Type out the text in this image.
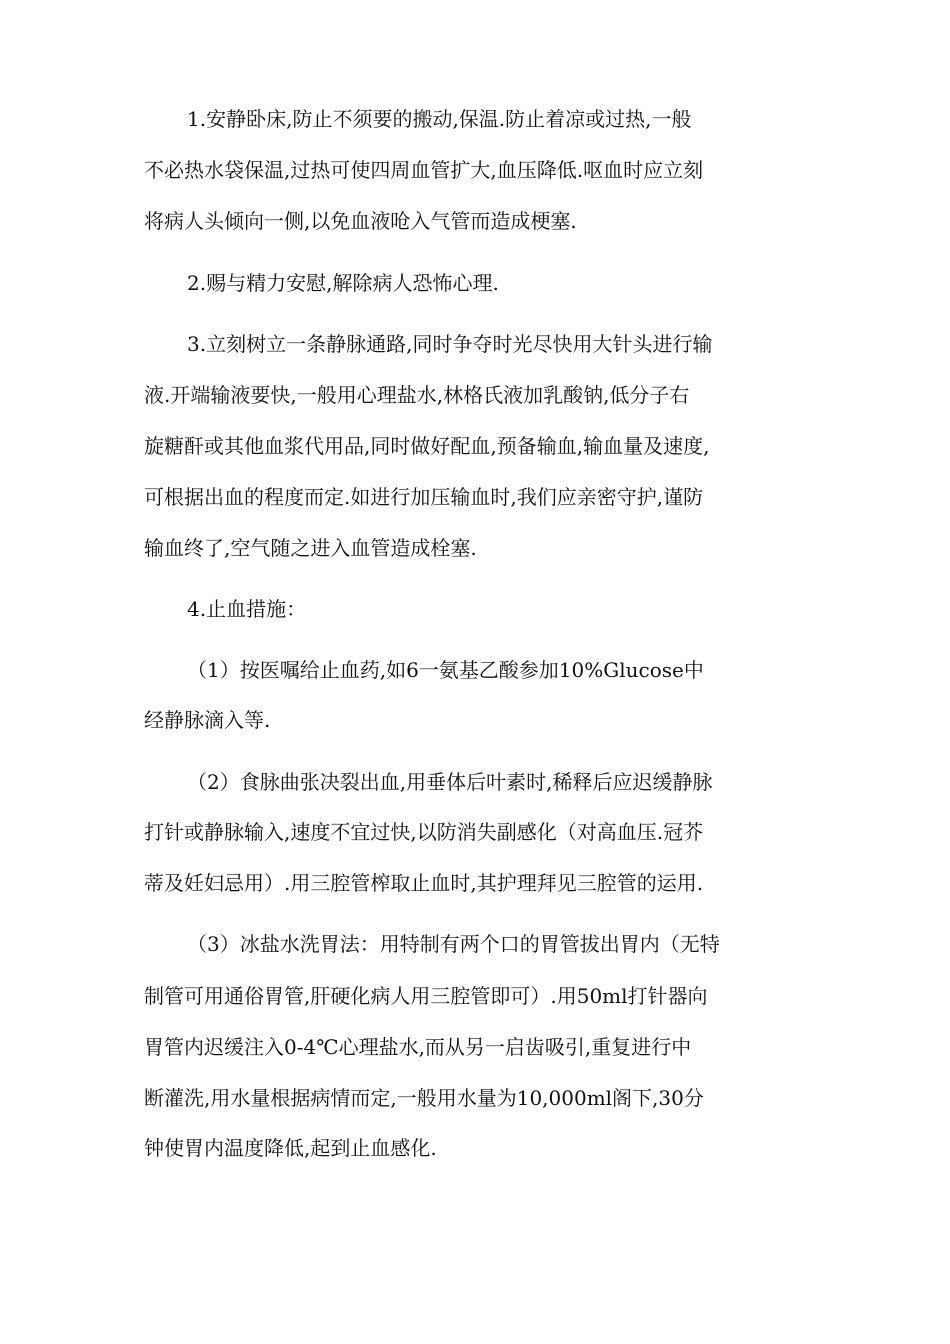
1.安静卧床,防止不须要的搬动,保温.防止着凉或过热,一般
不必热水袋保温,过热可使四周血管扩大,血压降低.呕血时应立刻
将病人头倾向一侧,以免血液呛入气管而造成梗塞.
2.赐与精力安慰,解除病人恐怖心理.
3.立刻树立一条静脉通路,同时争夺时光尽快用大针头进行输
液.开端输液要快,一般用心理盐水,林格氏液加乳酸钠,低分子右
旋糖酐或其他血浆代用品,同时做好配血,预备输血,输血量及速度,
可根据出血的程度而定.如进行加压输血时,我们应亲密守护,谨防
输血终了,空气随之进入血管造成栓塞.
4.止血措施：
（1）按医嘱给止血药,如6一氨基乙酸参加10%Glucose中
经静脉滴入等.
（2）食脉曲张决裂出血,用垂体后叶素时,稀释后应迟缓静脉
打针或静脉输入,速度不宜过快,以防消失副感化（对高血压.冠芥
蒂及妊妇忌用）.用三腔管榨取止血时,其护理拜见三腔管的运用.
（3）冰盐水洗胃法：用特制有两个口的胃管拔出胃内（无特
制管可用通俗胃管,肝硬化病人用三腔管即可）.用50ml打针器向
胃管内迟缓注入0-4℃心理盐水,而从另一启齿吸引,重复进行中
断灌洗,用水量根据病情而定,一般用水量为10,000ml阁下,30分
钟使胃内温度降低,起到止血感化.
